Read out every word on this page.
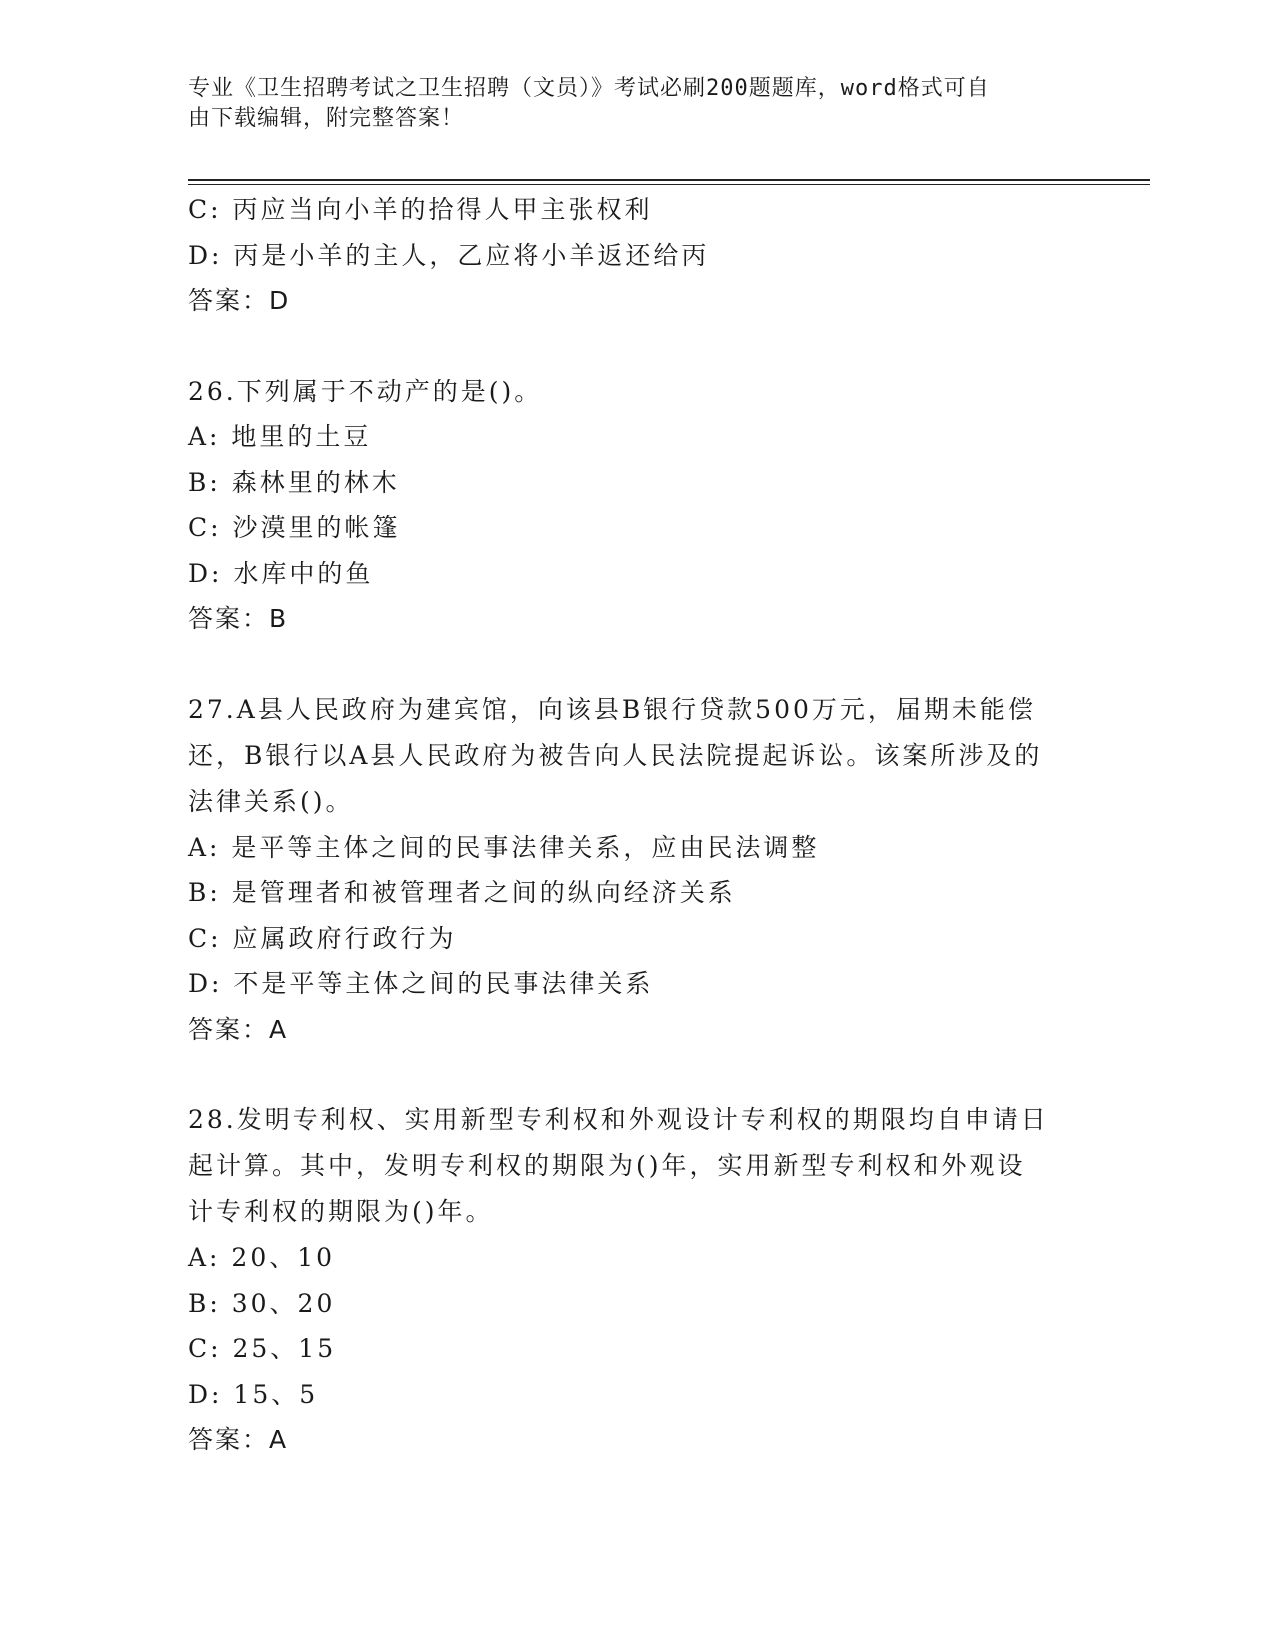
专业《卫生招聘考试之卫生招聘（文员）》考试必刷200题题库，word格式可自
由下载编辑，附完整答案！
C: 丙应当向小羊的拾得人甲主张权利
D: 丙是小羊的主人，乙应将小羊返还给丙
答案：D
26.下列属于不动产的是()。
A: 地里的土豆
B: 森林里的林木
C: 沙漠里的帐篷
D: 水库中的鱼
答案：B
27.A县人民政府为建宾馆，向该县B银行贷款500万元，届期未能偿
还，B银行以A县人民政府为被告向人民法院提起诉讼。该案所涉及的
法律关系()。
A: 是平等主体之间的民事法律关系，应由民法调整
B: 是管理者和被管理者之间的纵向经济关系
C: 应属政府行政行为
D: 不是平等主体之间的民事法律关系
答案：A
28.发明专利权、实用新型专利权和外观设计专利权的期限均自申请日
起计算。其中，发明专利权的期限为()年，实用新型专利权和外观设
计专利权的期限为()年。
A: 20、10
B: 30、20
C: 25、15
D: 15、5
答案：A
